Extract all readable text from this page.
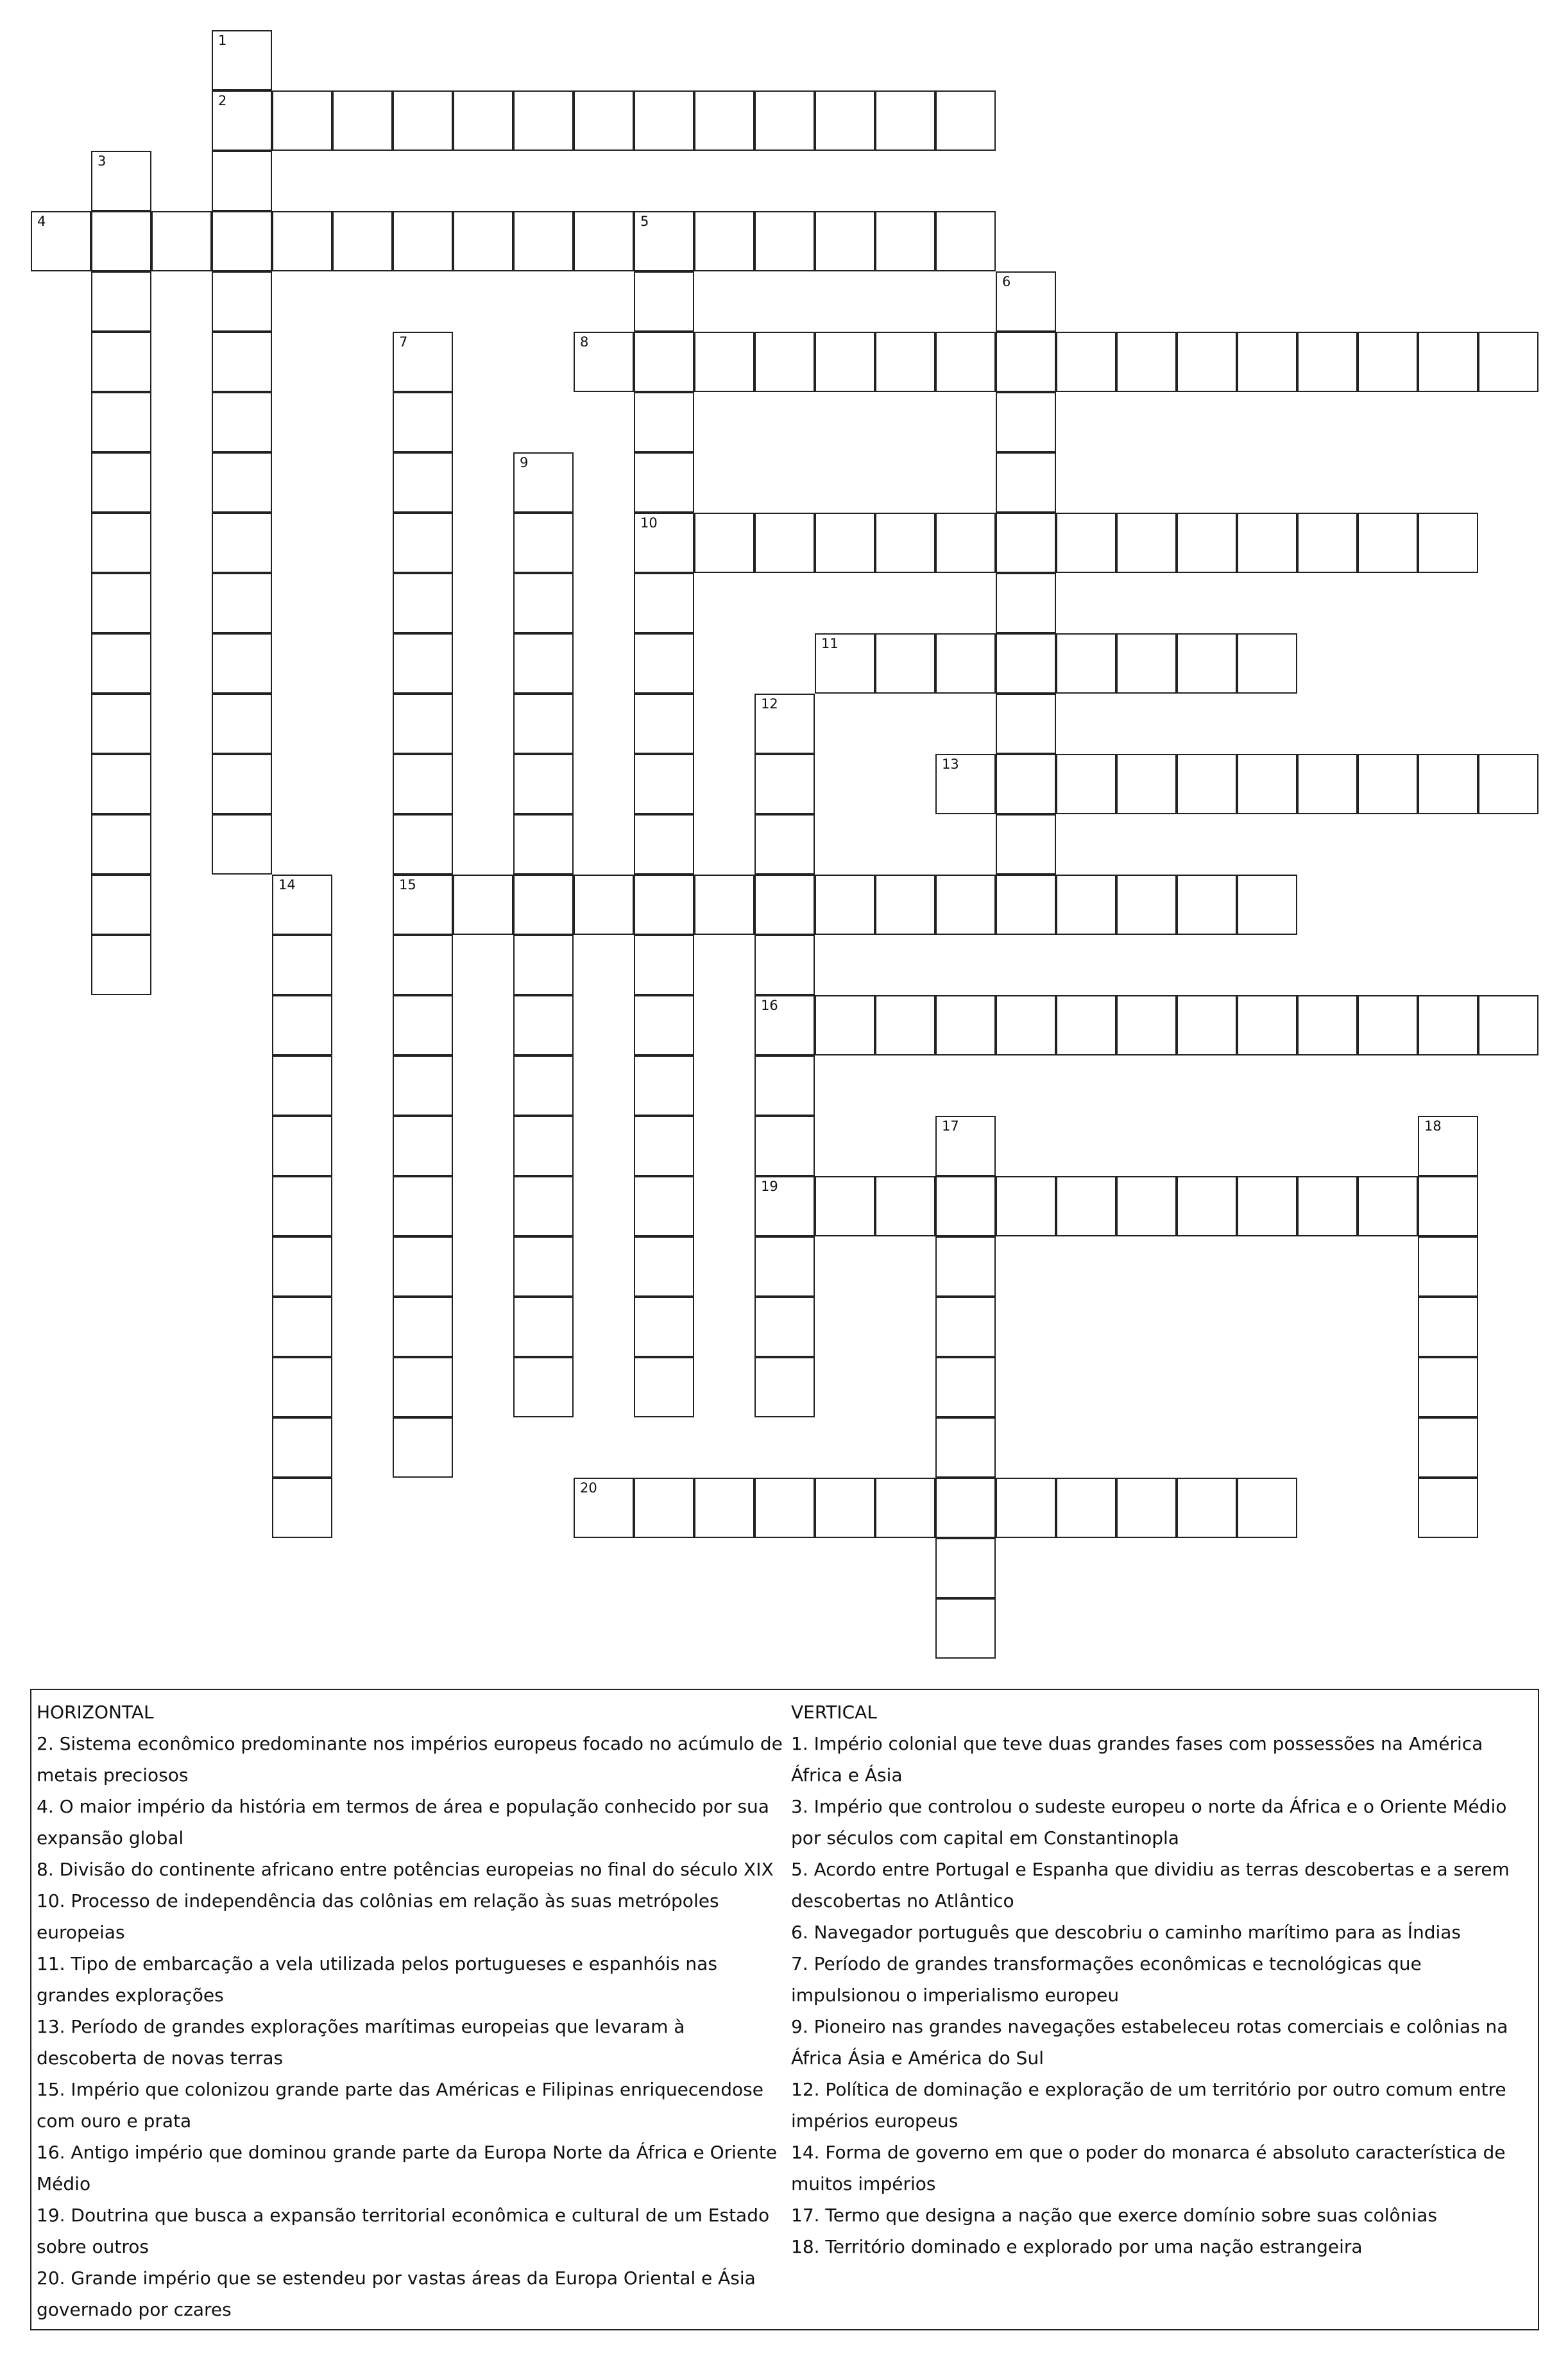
1
2
3
4	5
10
6
7
15
8
9
11
12
16
19
13
14
17	18
20

HORIZONTAL

2. Sistema econômico predominante nos impérios europeus focado no acúmulo de metais preciosos

4. O maior império da história em termos de área e população conhecido por sua expansão global

8. Divisão do continente africano entre potências europeias no final do século XIX

10. Processo de independência das colônias em relação às suas metrópoles europeias

11. Tipo de embarcação a vela utilizada pelos portugueses e espanhóis nas grandes explorações

13. Período de grandes explorações marítimas europeias que levaram à descoberta de novas terras

15. Império que colonizou grande parte das Américas e Filipinas enriquecendose com ouro e prata

16. Antigo império que dominou grande parte da Europa Norte da África e Oriente Médio

19. Doutrina que busca a expansão territorial econômica e cultural de um Estado sobre outros

20. Grande império que se estendeu por vastas áreas da Europa Oriental e Ásia governado por czares

VERTICAL

1. Império colonial que teve duas grandes fases com possessões na América África e Ásia

3. Império que controlou o sudeste europeu o norte da África e o Oriente Médio por séculos com capital em Constantinopla

5. Acordo entre Portugal e Espanha que dividiu as terras descobertas e a serem descobertas no Atlântico

6. Navegador português que descobriu o caminho marítimo para as Índias

7. Período de grandes transformações econômicas e tecnológicas que impulsionou o imperialismo europeu

9. Pioneiro nas grandes navegações estabeleceu rotas comerciais e colônias na África Ásia e América do Sul

12. Política de dominação e exploração de um território por outro comum entre impérios europeus

14. Forma de governo em que o poder do monarca é absoluto característica de muitos impérios

17. Termo que designa a nação que exerce domínio sobre suas colônias

18. Território dominado e explorado por uma nação estrangeira
